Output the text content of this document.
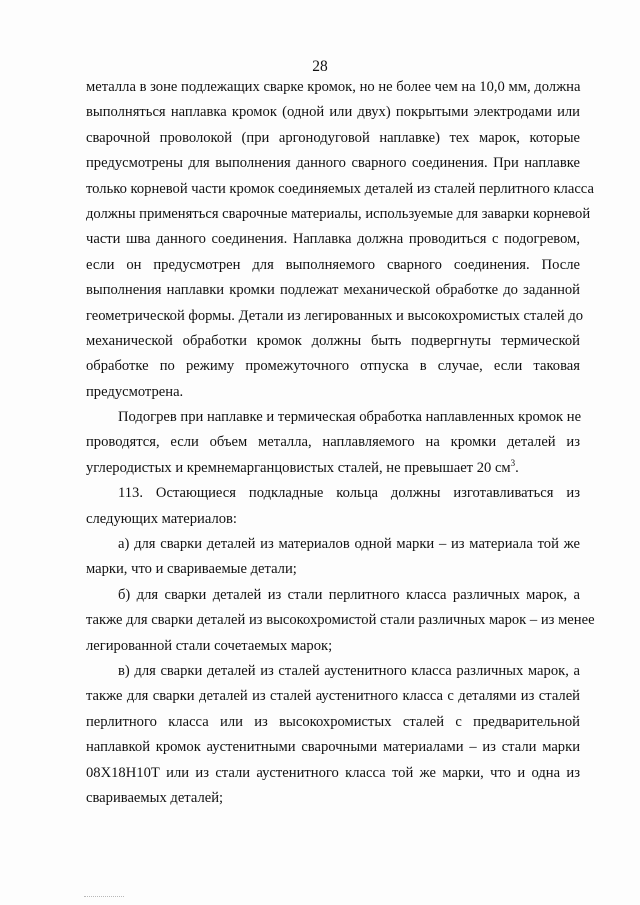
28
металла в зоне подлежащих сварке кромок, но не более чем на 10,0 мм, должна
выполняться наплавка кромок (одной или двух) покрытыми электродами или
сварочной проволокой (при аргонодуговой наплавке) тех марок, которые
предусмотрены для выполнения данного сварного соединения. При наплавке
только корневой части кромок соединяемых деталей из сталей перлитного класса
должны применяться сварочные материалы, используемые для заварки корневой
части шва данного соединения. Наплавка должна проводиться с подогревом,
если он предусмотрен для выполняемого сварного соединения. После
выполнения наплавки кромки подлежат механической обработке до заданной
геометрической формы. Детали из легированных и высокохромистых сталей до
механической обработки кромок должны быть подвергнуты термической
обработке по режиму промежуточного отпуска в случае, если таковая
предусмотрена.
Подогрев при наплавке и термическая обработка наплавленных кромок не
проводятся, если объем металла, наплавляемого на кромки деталей из
углеродистых и кремнемарганцовистых сталей, не превышает 20 $см^3$.
113. Остающиеся подкладные кольца должны изготавливаться из
следующих материалов:
а) для сварки деталей из материалов одной марки – из материала той же
марки, что и свариваемые детали;
б) для сварки деталей из стали перлитного класса различных марок, а
также для сварки деталей из высокохромистой стали различных марок – из менее
легированной стали сочетаемых марок;
в) для сварки деталей из сталей аустенитного класса различных марок, а
также для сварки деталей из сталей аустенитного класса с деталями из сталей
перлитного класса или из высокохромистых сталей с предварительной
наплавкой кромок аустенитными сварочными материалами – из стали марки
08Х18Н10Т или из стали аустенитного класса той же марки, что и одна из
свариваемых деталей;
